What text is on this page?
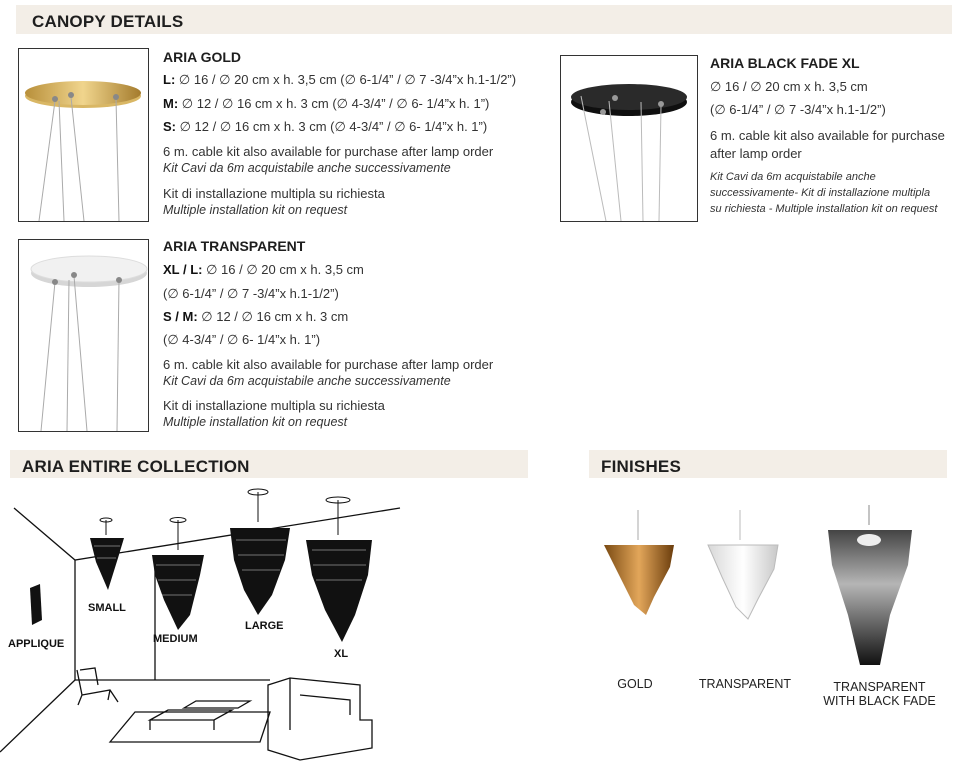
CANOPY DETAILS
ARIA ENTIRE COLLECTION	FINISHES
ARIA GOLD
L: ∅ 16 / ∅ 20 cm x h. 3,5 cm (∅ 6-1/4” / ∅ 7 -3/4”x h.1-1/2”)
M: ∅ 12 / ∅ 16 cm x h. 3 cm (∅ 4-3/4” / ∅ 6- 1/4”x h. 1”)
S: ∅ 12 / ∅ 16 cm x h. 3 cm (∅ 4-3/4” / ∅ 6- 1/4”x h. 1”)
6 m. cable kit also available for purchase after lamp order
Kit Cavi da 6m acquistabile anche successivamente
Kit di installazione multipla su richiesta
Multiple installation kit on request
ARIA BLACK FADE XL
∅ 16 / ∅ 20 cm x h. 3,5 cm
(∅ 6-1/4” / ∅ 7 -3/4”x h.1-1/2”)
6 m. cable kit also available for purchase
after lamp order
Kit Cavi da 6m acquistabile anche
successivamente- Kit di installazione multipla
su richiesta - Multiple installation kit on request
ARIA TRANSPARENT
XL / L: ∅ 16 / ∅ 20 cm x h. 3,5 cm
(∅ 6-1/4” / ∅ 7 -3/4”x h.1-1/2”)
S / M: ∅ 12 / ∅ 16 cm x h. 3 cm
(∅ 4-3/4” / ∅ 6- 1/4”x h. 1”)
6 m. cable kit also available for purchase after lamp order
Kit Cavi da 6m acquistabile anche successivamente
Kit di installazione multipla su richiesta
Multiple installation kit on request
APPLIQUE
SMALL
MEDIUM
LARGE
XL
GOLD	TRANSPARENT	TRANSPARENT
WITH BLACK FADE
